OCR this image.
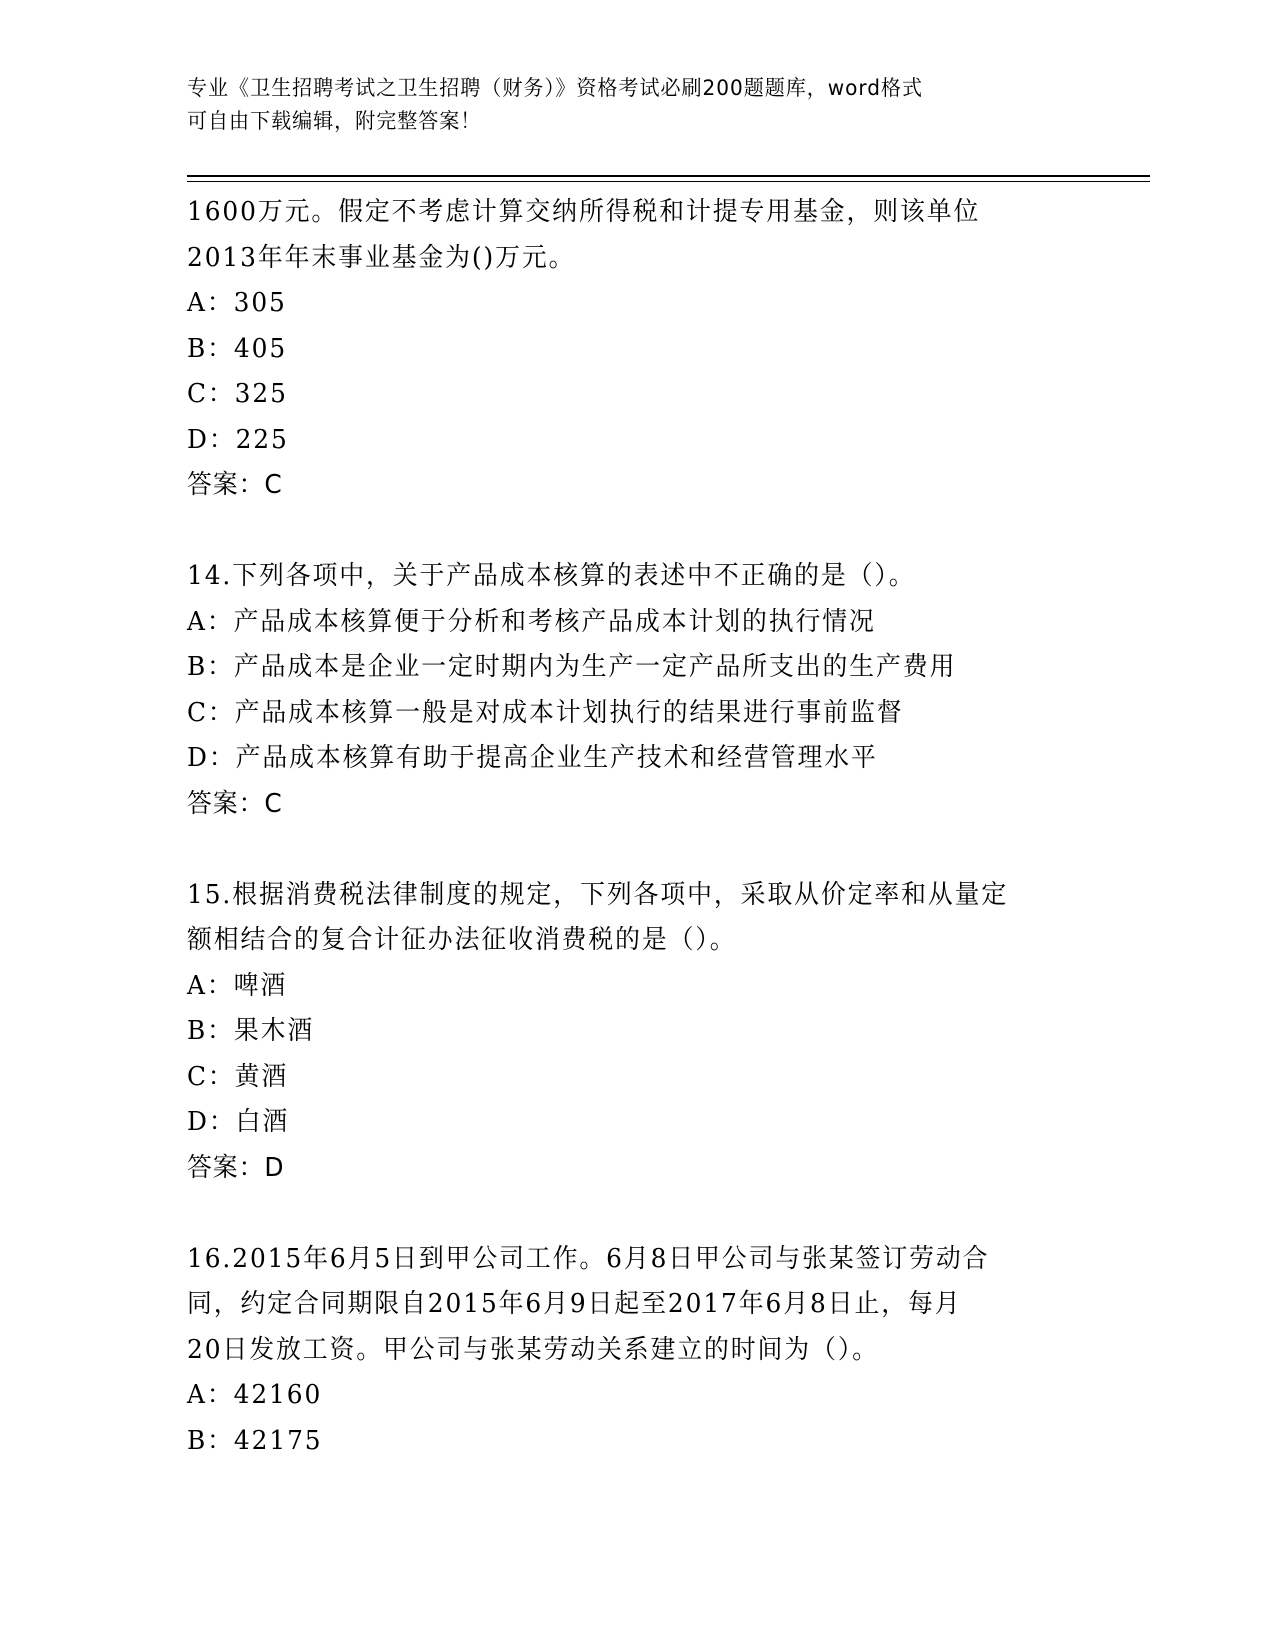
专业《卫生招聘考试之卫生招聘（财务）》资格考试必刷200题题库，word格式
可自由下载编辑，附完整答案！
1600万元。假定不考虑计算交纳所得税和计提专用基金，则该单位
2013年年末事业基金为()万元。
A：305
B：405
C：325
D：225
答案：C
14.下列各项中，关于产品成本核算的表述中不正确的是（）。
A：产品成本核算便于分析和考核产品成本计划的执行情况
B：产品成本是企业一定时期内为生产一定产品所支出的生产费用
C：产品成本核算一般是对成本计划执行的结果进行事前监督
D：产品成本核算有助于提高企业生产技术和经营管理水平
答案：C
15.根据消费税法律制度的规定，下列各项中，采取从价定率和从量定
额相结合的复合计征办法征收消费税的是（）。
A：啤酒
B：果木酒
C：黄酒
D：白酒
答案：D
16.2015年6月5日到甲公司工作。6月8日甲公司与张某签订劳动合
同，约定合同期限自2015年6月9日起至2017年6月8日止，每月
20日发放工资。甲公司与张某劳动关系建立的时间为（）。
A：42160
B：42175
